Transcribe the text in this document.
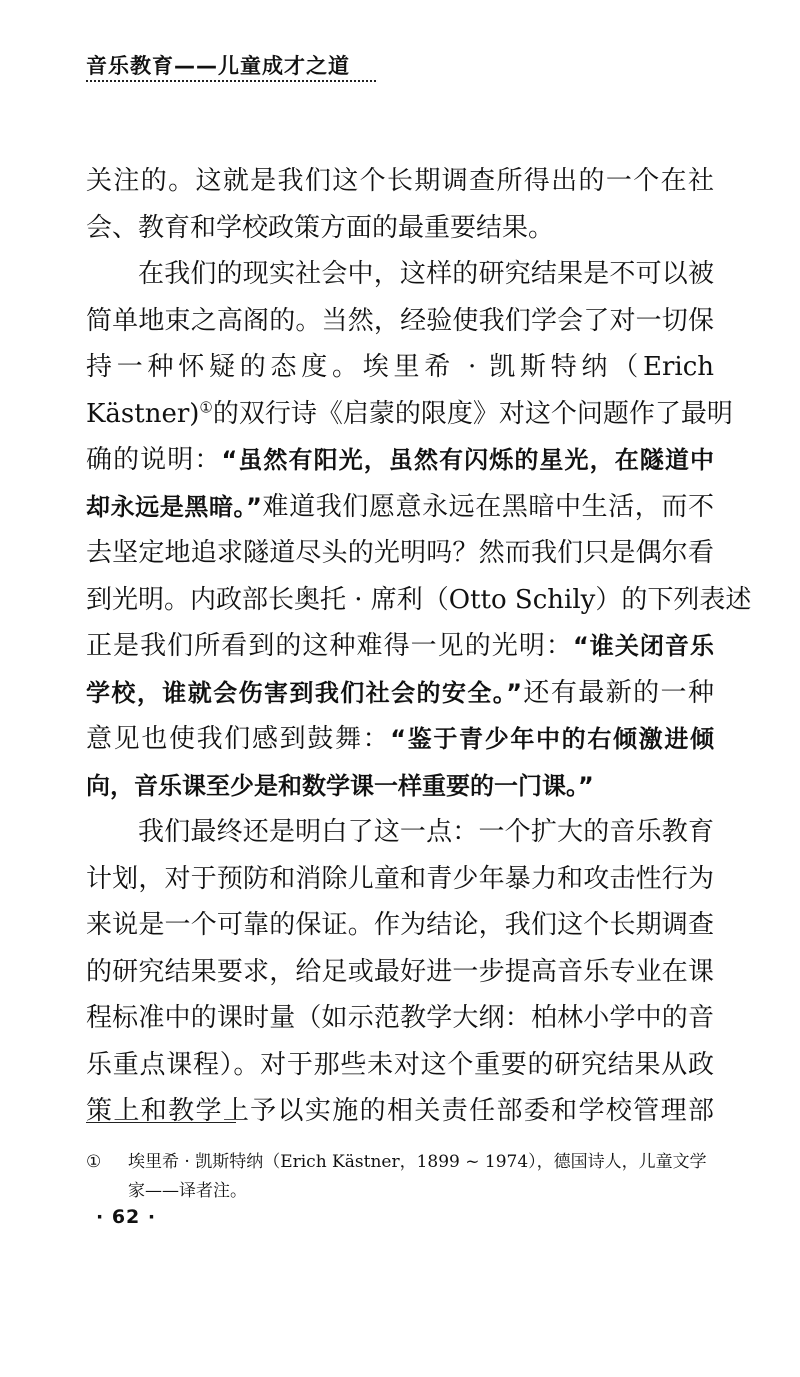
音乐教育——儿童成才之道
关注的。这就是我们这个长期调查所得出的一个在社
会、教育和学校政策方面的最重要结果。
在我们的现实社会中，这样的研究结果是不可以被
简单地束之高阁的。当然，经验使我们学会了对一切保
持一种怀疑的态度。埃里希 · 凯斯特纳（Erich
Kästner)①的双行诗《启蒙的限度》对这个问题作了最明
确的说明：“虽然有阳光，虽然有闪烁的星光，在隧道中
却永远是黑暗。”难道我们愿意永远在黑暗中生活，而不
去坚定地追求隧道尽头的光明吗？然而我们只是偶尔看
到光明。内政部长奥托 · 席利（Otto Schily）的下列表述
正是我们所看到的这种难得一见的光明：“谁关闭音乐
学校，谁就会伤害到我们社会的安全。”还有最新的一种
意见也使我们感到鼓舞：“鉴于青少年中的右倾激进倾
向，音乐课至少是和数学课一样重要的一门课。”
我们最终还是明白了这一点：一个扩大的音乐教育
计划，对于预防和消除儿童和青少年暴力和攻击性行为
来说是一个可靠的保证。作为结论，我们这个长期调查
的研究结果要求，给足或最好进一步提高音乐专业在课
程标准中的课时量（如示范教学大纲：柏林小学中的音
乐重点课程）。对于那些未对这个重要的研究结果从政
策上和教学上予以实施的相关责任部委和学校管理部
①	埃里希 · 凯斯特纳（Erich Kästner，1899 ~ 1974），德国诗人，儿童文学
家——译者注。
· 62 ·
